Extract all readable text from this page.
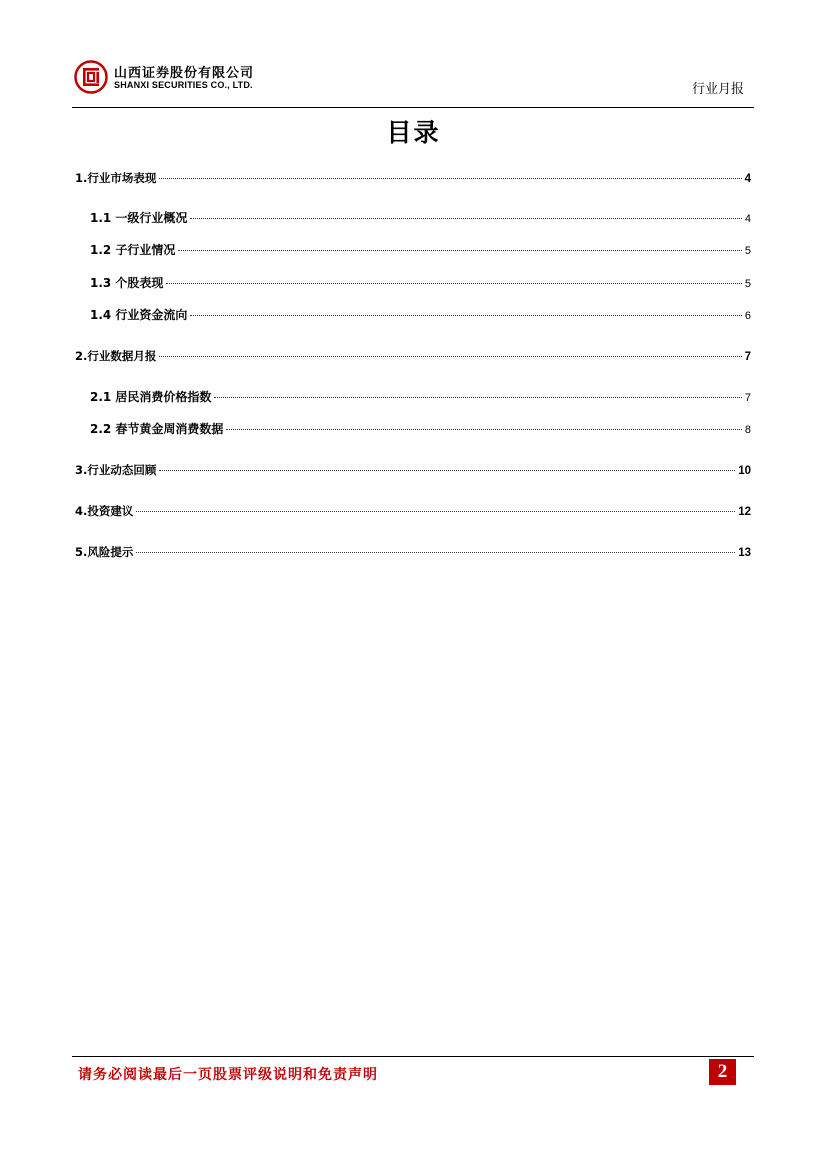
山西证券股份有限公司
SHANXI SECURITIES CO., LTD.	行业月报
目录
1.行业市场表现	4
1.1 一级行业概况	4
1.2 子行业情况	5
1.3 个股表现	5
1.4 行业资金流向	6
2.行业数据月报	7
2.1 居民消费价格指数	7
2.2 春节黄金周消费数据	8
3.行业动态回顾	10
4.投资建议	12
5.风险提示	13
请务必阅读最后一页股票评级说明和免责声明	2
